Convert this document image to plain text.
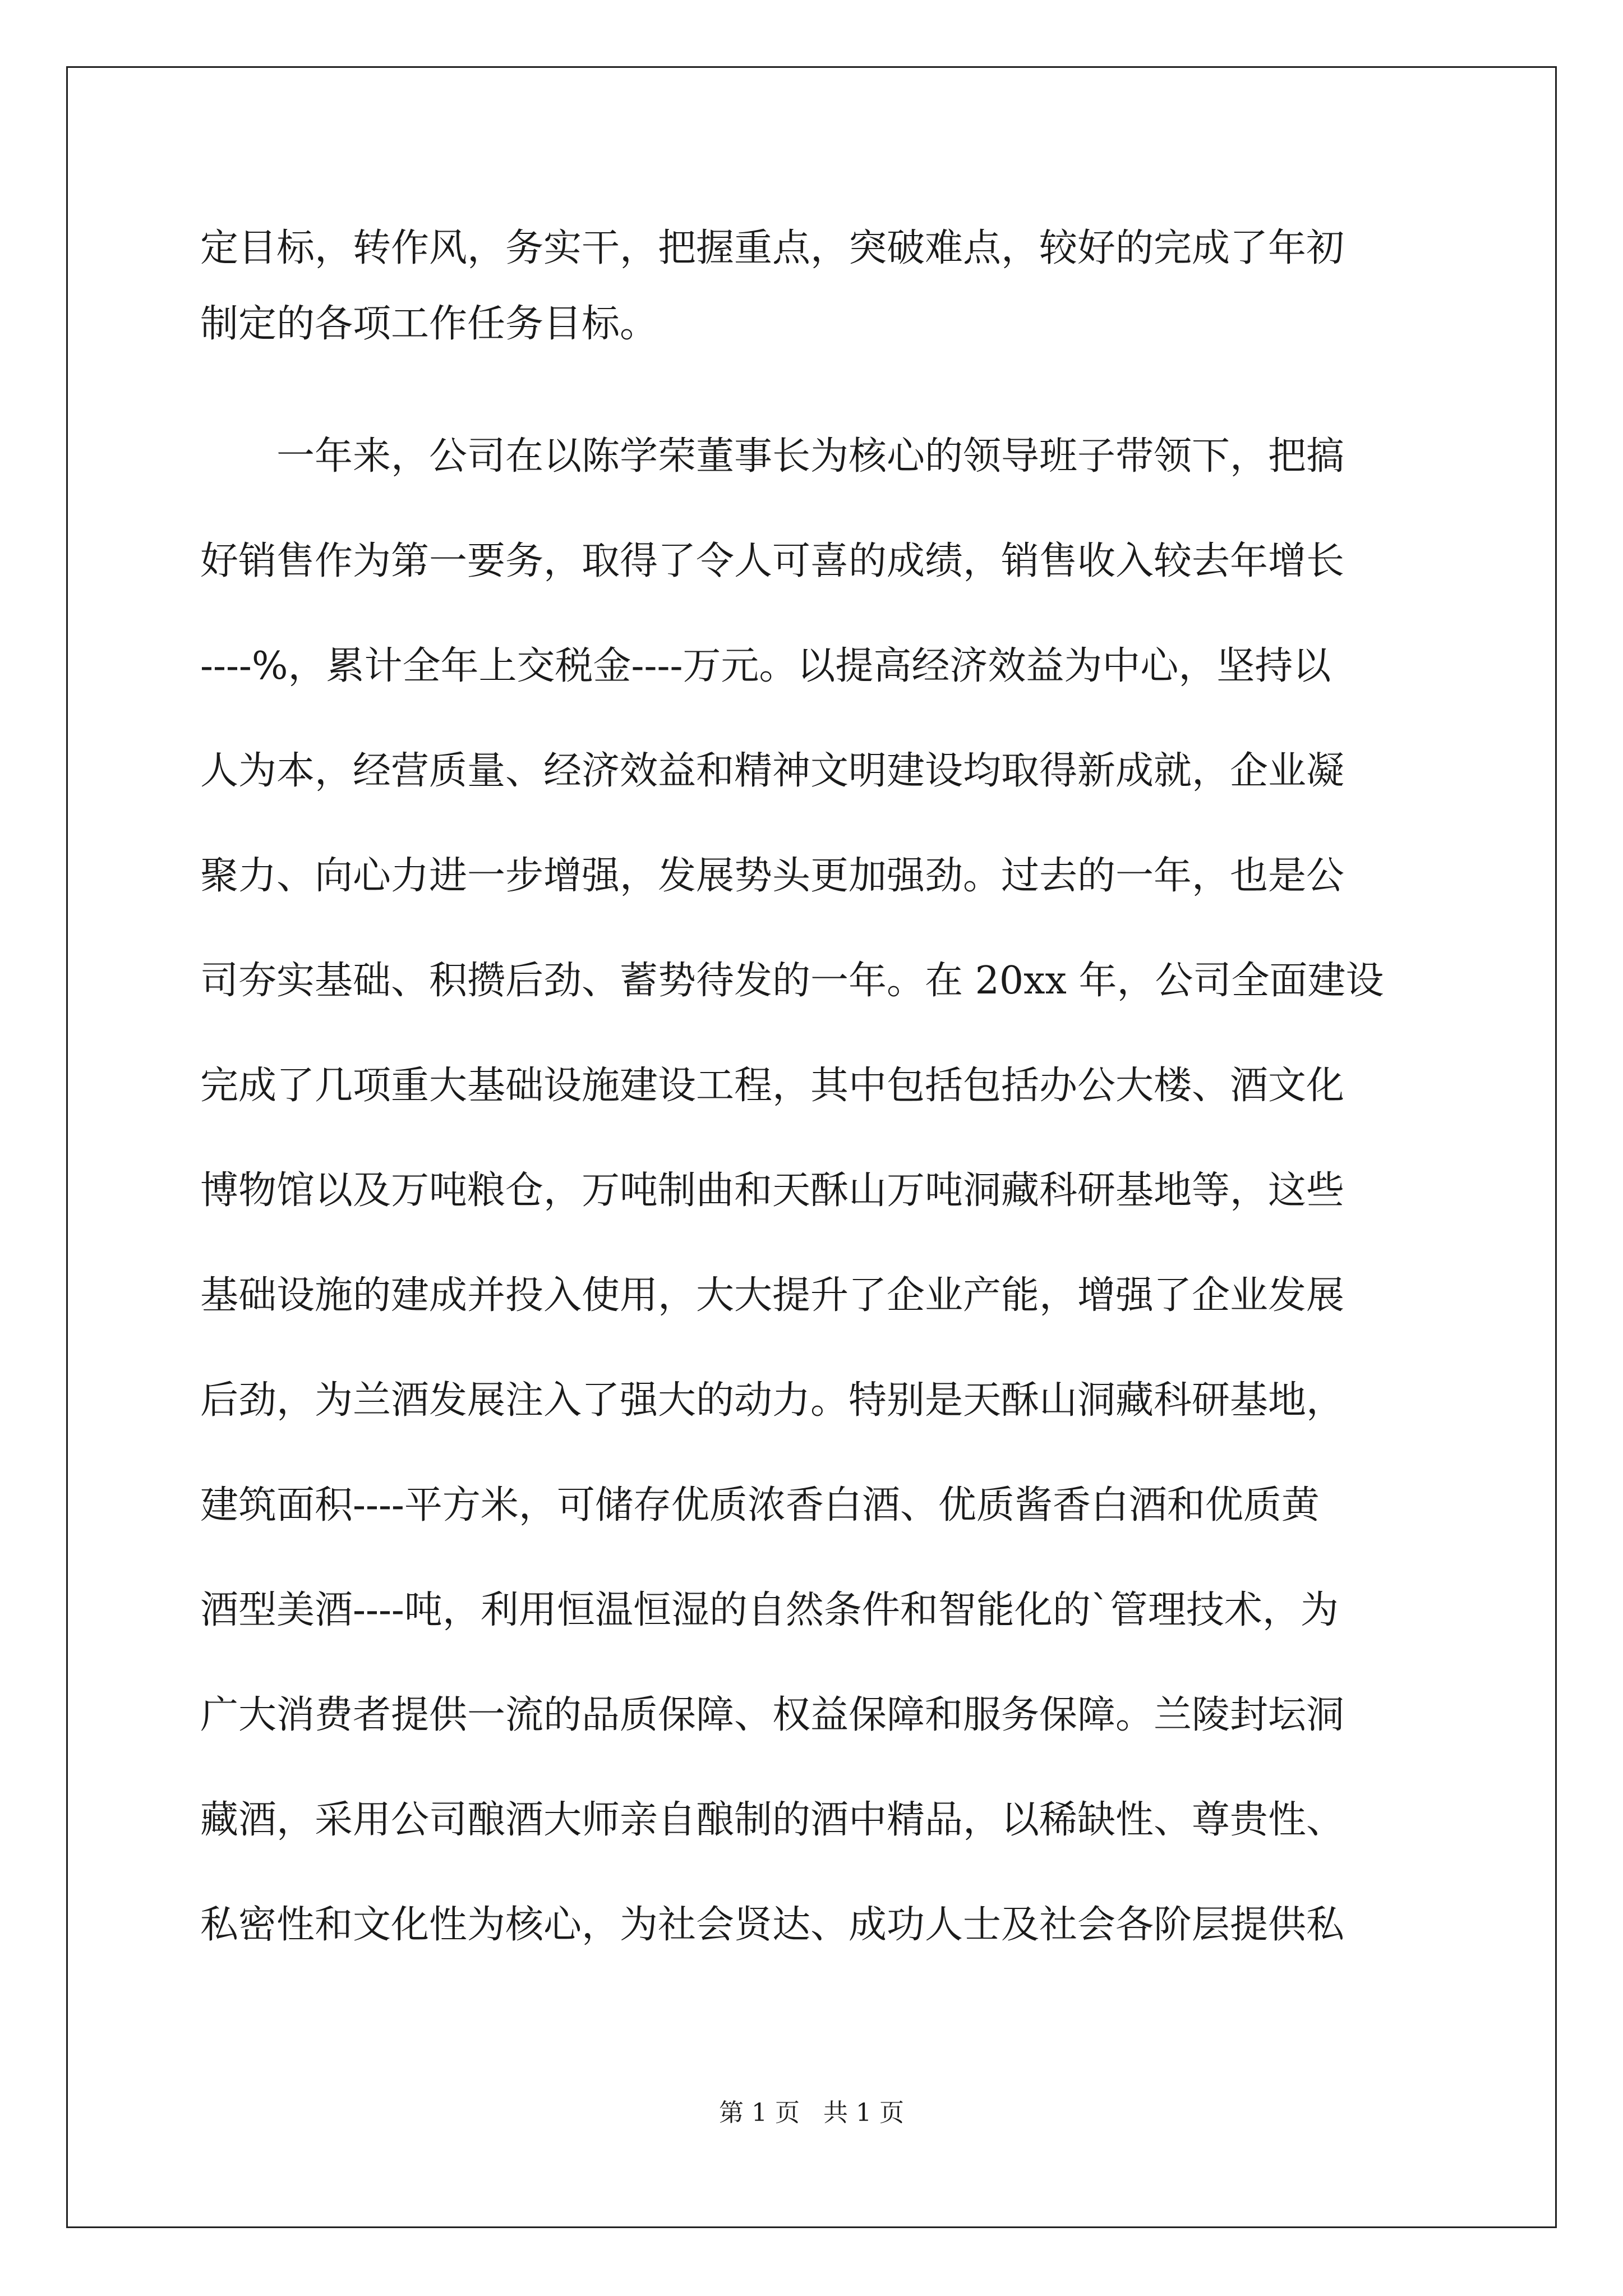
定目标，转作风，务实干，把握重点，突破难点，较好的完成了年初
制定的各项工作任务目标。
　　一年来，公司在以陈学荣董事长为核心的领导班子带领下，把搞
好销售作为第一要务，取得了令人可喜的成绩，销售收入较去年增长
----%，累计全年上交税金----万元。以提高经济效益为中心，坚持以
人为本，经营质量、经济效益和精神文明建设均取得新成就，企业凝
聚力、向心力进一步增强，发展势头更加强劲。过去的一年，也是公
司夯实基础、积攒后劲、蓄势待发的一年。在 20xx 年，公司全面建设
完成了几项重大基础设施建设工程，其中包括包括办公大楼、酒文化
博物馆以及万吨粮仓，万吨制曲和天酥山万吨洞藏科研基地等，这些
基础设施的建成并投入使用，大大提升了企业产能，增强了企业发展
后劲，为兰酒发展注入了强大的动力。特别是天酥山洞藏科研基地，
建筑面积----平方米，可储存优质浓香白酒、优质酱香白酒和优质黄
酒型美酒----吨，利用恒温恒湿的自然条件和智能化的`管理技术，为
广大消费者提供一流的品质保障、权益保障和服务保障。兰陵封坛洞
藏酒，采用公司酿酒大师亲自酿制的酒中精品，以稀缺性、尊贵性、
私密性和文化性为核心，为社会贤达、成功人士及社会各阶层提供私
第 1 页   共 1 页
